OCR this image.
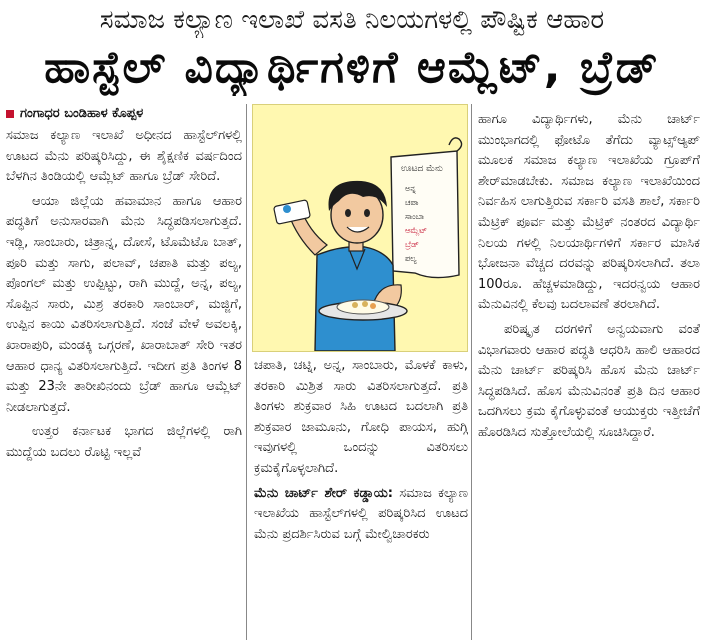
ಸಮಾಜ ಕಲ್ಯಾಣ ಇಲಾಖೆ ವಸತಿ ನಿಲಯಗಳಲ್ಲಿ ಪೌಷ್ಟಿಕ ಆಹಾರ
ಹಾಸ್ಟೆಲ್ ವಿದ್ಯಾರ್ಥಿಗಳಿಗೆ ಆಮ್ಲೆಟ್, ಬ್ರೆಡ್
ಗಂಗಾಧರ ಬಂಡಿಹಾಳ ಕೊಪ್ಪಳ

ಸಮಾಜ ಕಲ್ಯಾಣ ಇಲಾಖೆ ಅಧೀನದ ಹಾಸ್ಟೆಲ್‌ಗಳಲ್ಲಿ ಊಟದ ಮೆನು ಪರಿಷ್ಕರಿಸಿದ್ದು, ಈ ಶೈಕ್ಷಣಿಕ ವರ್ಷದಿಂದ ಬೆಳಗಿನ ತಿಂಡಿಯಲ್ಲಿ ಆಮ್ಲೆಟ್ ಹಾಗೂ ಬ್ರೆಡ್ ಸೇರಿದೆ.

ಆಯಾ ಜಿಲ್ಲೆಯ ಹವಾಮಾನ ಹಾಗೂ ಆಹಾರ ಪದ್ಧತಿಗೆ ಅನುಸಾರವಾಗಿ ಮೆನು ಸಿದ್ಧಪಡಿಸಲಾಗುತ್ತದೆ. ಇಡ್ಲಿ, ಸಾಂಬಾರು, ಚಿತ್ರಾನ್ನ, ದೋಸೆ, ಟೊಮೆಟೊ ಬಾತ್, ಪೂರಿ ಮತ್ತು ಸಾಗು, ಪಲಾವ್, ಚಪಾತಿ ಮತ್ತು ಪಲ್ಯ, ಪೊಂಗಲ್ ಮತ್ತು ಉಪ್ಪಿಟ್ಟು, ರಾಗಿ ಮುದ್ದೆ, ಅನ್ನ, ಪಲ್ಯ, ಸೊಪ್ಪಿನ ಸಾರು, ಮಿಶ್ರ ತರಕಾರಿ ಸಾಂಬಾರ್, ಮಜ್ಜಿಗೆ, ಉಪ್ಪಿನ ಕಾಯಿ ವಿತರಿಸಲಾಗುತ್ತಿದೆ. ಸಂಜೆ ವೇಳೆ ಅವಲಕ್ಕಿ, ಖಾರಾಪುರಿ, ಮಂಡಕ್ಕಿ ಒಗ್ಗರಣೆ, ಖಾರಾಬಾತ್ ಸೇರಿ ಇತರ ಆಹಾರ ಧಾನ್ಯ ವಿತರಿಸಲಾಗುತ್ತಿದೆ. ಇದೀಗ ಪ್ರತಿ ತಿಂಗಳ 8 ಮತ್ತು 23ನೇ ತಾರೀಖಿನಂದು ಬ್ರೆಡ್ ಹಾಗೂ ಆಮ್ಲೆಟ್ ನೀಡಲಾಗುತ್ತದೆ.

ಉತ್ತರ ಕರ್ನಾಟಕ ಭಾಗದ ಜಿಲ್ಲೆಗಳಲ್ಲಿ ರಾಗಿ ಮುದ್ದೆಯ ಬದಲು ರೊಟ್ಟಿ ಇಲ್ಲವೆ

ಊಟದ ಮೆನು
ಅನ್ನ
ಚಪಾ
ಸಾಂಬಾ
ಆಮ್ಲೆಟ್
ಬ್ರೆಡ್
ಪಲ್ಯ

ಚಪಾತಿ, ಚಟ್ನಿ, ಅನ್ನ, ಸಾಂಬಾರು, ಮೊಳಕೆ ಕಾಳು, ತರಕಾರಿ ಮಿಶ್ರಿತ ಸಾರು ವಿತರಿಸಲಾಗುತ್ತದೆ. ಪ್ರತಿ ತಿಂಗಳು ಶುಕ್ರವಾರ ಸಿಹಿ ಊಟದ ಬದಲಾಗಿ ಪ್ರತಿ ಶುಕ್ರವಾರ ಜಾಮೂನು, ಗೋಧಿ ಪಾಯಸ, ಹುಗ್ಗಿ ಇವುಗಳಲ್ಲಿ ಒಂದನ್ನು ವಿತರಿಸಲು ಕ್ರಮಕೈಗೊಳ್ಳಲಾಗಿದೆ.

ಮೆನು ಚಾರ್ಟ್ ಶೇರ್ ಕಡ್ಡಾಯ: ಸಮಾಜ ಕಲ್ಯಾಣ ಇಲಾಖೆಯ ಹಾಸ್ಟೆಲ್‌ಗಳಲ್ಲಿ ಪರಿಷ್ಕರಿಸಿದ ಊಟದ ಮೆನು ಪ್ರದರ್ಶಿಸಿರುವ ಬಗ್ಗೆ ಮೇಲ್ವಿಚಾರಕರು

ಹಾಗೂ ವಿದ್ಯಾರ್ಥಿಗಳು, ಮೆನು ಚಾರ್ಟ್ ಮುಂಭಾಗದಲ್ಲಿ ಫೋಟೊ ತೆಗೆದು ವ್ಯಾಟ್ಸ್‌ಆ್ಯಪ್ ಮೂಲಕ ಸಮಾಜ ಕಲ್ಯಾಣ ಇಲಾಖೆಯ ಗ್ರೂಪ್‌ಗೆ ಶೇರ್‌ಮಾಡಬೇಕು. ಸಮಾಜ ಕಲ್ಯಾಣ ಇಲಾಖೆಯಿಂದ ನಿರ್ವಹಿಸ ಲಾಗುತ್ತಿರುವ ಸರ್ಕಾರಿ ವಸತಿ ಶಾಲೆ, ಸರ್ಕಾರಿ ಮೆಟ್ರಿಕ್ ಪೂರ್ವ ಮತ್ತು ಮೆಟ್ರಿಕ್ ನಂತರದ ವಿದ್ಯಾರ್ಥಿ ನಿಲಯ ಗಳಲ್ಲಿ ನಿಲಯಾರ್ಥಿಗಳಿಗೆ ಸರ್ಕಾರ ಮಾಸಿಕ ಭೋಜನಾ ವೆಚ್ಚದ ದರವನ್ನು ಪರಿಷ್ಕರಿಸಲಾಗಿದೆ. ತಲಾ 100ರೂ. ಹೆಚ್ಚಳಮಾಡಿದ್ದು, ಇದರನ್ವಯ ಆಹಾರ ಮೆನುವಿನಲ್ಲಿ ಕೆಲವು ಬದಲಾವಣೆ ತರಲಾಗಿದೆ.

ಪರಿಷ್ಕೃತ ದರಗಳಿಗೆ ಅನ್ವಯವಾಗು ವಂತೆ ವಿಭಾಗವಾರು ಆಹಾರ ಪದ್ಧತಿ ಆಧರಿಸಿ ಹಾಲಿ ಆಹಾರದ ಮೆನು ಚಾರ್ಟ್ ಪರಿಷ್ಕರಿಸಿ ಹೊಸ ಮೆನು ಚಾರ್ಟ್ ಸಿದ್ಧಪಡಿಸಿದೆ. ಹೊಸ ಮೆನುವಿನಂತೆ ಪ್ರತಿ ದಿನ ಆಹಾರ ಒದಗಿಸಲು ಕ್ರಮ ಕೈಗೊಳ್ಳುವಂತೆ ಆಯುಕ್ತರು ಇತ್ತೀಚೆಗೆ ಹೊರಡಿಸಿದ ಸುತ್ತೋಲೆಯಲ್ಲಿ ಸೂಚಿಸಿದ್ದಾರೆ.
